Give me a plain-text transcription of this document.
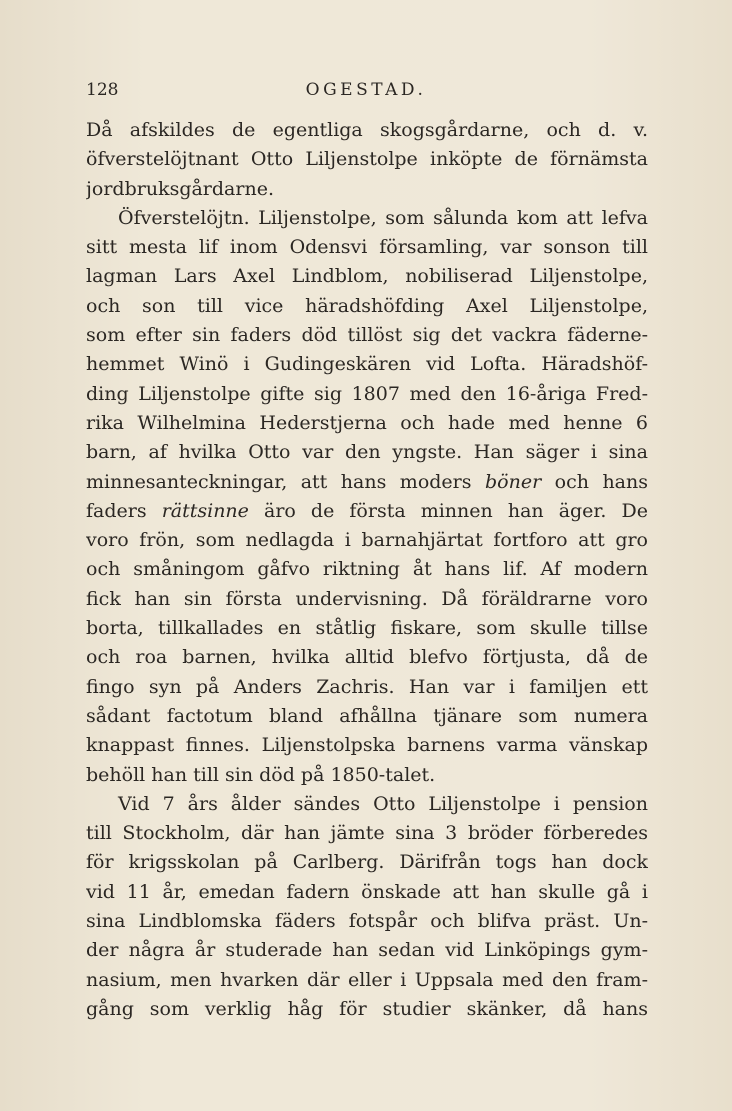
128	OGESTAD.
Då afskildes de egentliga skogsgårdarne, och d. v.
öfverstelöjtnant Otto Liljenstolpe inköpte de förnämsta
jordbruksgårdarne.
Öfverstelöjtn. Liljenstolpe, som sålunda kom att lefva
sitt mesta lif inom Odensvi församling, var sonson till
lagman Lars Axel Lindblom, nobiliserad Liljenstolpe,
och son till vice häradshöfding Axel Liljenstolpe,
som efter sin faders död tillöst sig det vackra fäderne-
hemmet Winö i Gudingeskären vid Lofta. Häradshöf-
ding Liljenstolpe gifte sig 1807 med den 16-åriga Fred-
rika Wilhelmina Hederstjerna och hade med henne 6
barn, af hvilka Otto var den yngste. Han säger i sina
minnesanteckningar, att hans moders böner och hans
faders rättsinne äro de första minnen han äger. De
voro frön, som nedlagda i barnahjärtat fortforo att gro
och småningom gåfvo riktning åt hans lif. Af modern
fick han sin första undervisning. Då föräldrarne voro
borta, tillkallades en ståtlig fiskare, som skulle tillse
och roa barnen, hvilka alltid blefvo förtjusta, då de
fingo syn på Anders Zachris. Han var i familjen ett
sådant factotum bland afhållna tjänare som numera
knappast finnes. Liljenstolpska barnens varma vänskap
behöll han till sin död på 1850-talet.
Vid 7 års ålder sändes Otto Liljenstolpe i pension
till Stockholm, där han jämte sina 3 bröder förberedes
för krigsskolan på Carlberg. Därifrån togs han dock
vid 11 år, emedan fadern önskade att han skulle gå i
sina Lindblomska fäders fotspår och blifva präst. Un-
der några år studerade han sedan vid Linköpings gym-
nasium, men hvarken där eller i Uppsala med den fram-
gång som verklig håg för studier skänker, då hans
